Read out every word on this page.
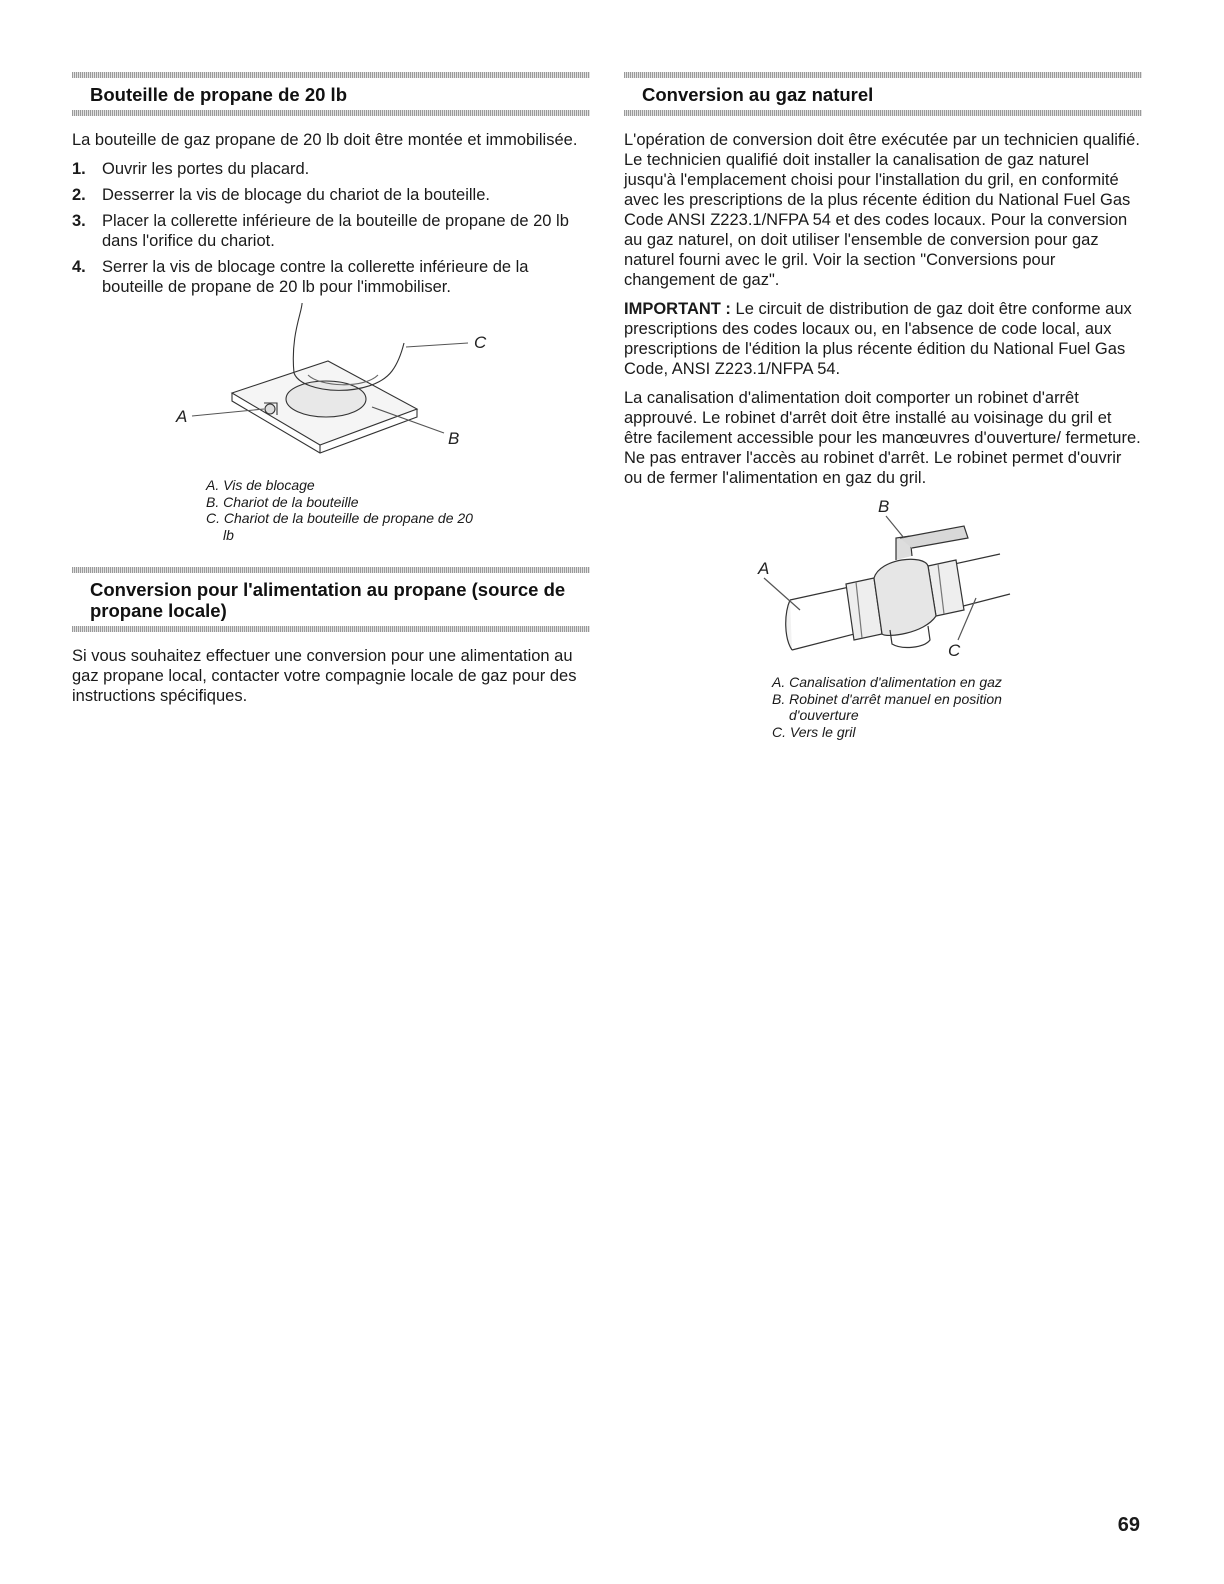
Bouteille de propane de 20 lb

La bouteille de gaz propane de 20 lb doit être montée et immobilisée.

1. Ouvrir les portes du placard.
2. Desserrer la vis de blocage du chariot de la bouteille.
3. Placer la collerette inférieure de la bouteille de propane de 20 lb dans l'orifice du chariot.
4. Serrer la vis de blocage contre la collerette inférieure de la bouteille de propane de 20 lb pour l'immobiliser.
A
B
C
A. Vis de blocage
B. Chariot de la bouteille
C. Chariot de la bouteille de propane de 20 lb
Conversion pour l'alimentation au propane (source de propane locale)

Si vous souhaitez effectuer une conversion pour une alimentation au gaz propane local, contacter votre compagnie locale de gaz pour des instructions spécifiques.

Conversion au gaz naturel

L'opération de conversion doit être exécutée par un technicien qualifié. Le technicien qualifié doit installer la canalisation de gaz naturel jusqu'à l'emplacement choisi pour l'installation du gril, en conformité avec les prescriptions de la plus récente édition du National Fuel Gas Code ANSI Z223.1/NFPA 54 et des codes locaux. Pour la conversion au gaz naturel, on doit utiliser l'ensemble de conversion pour gaz naturel fourni avec le gril. Voir la section "Conversions pour changement de gaz".

IMPORTANT : Le circuit de distribution de gaz doit être conforme aux prescriptions des codes locaux ou, en l'absence de code local, aux prescriptions de l'édition la plus récente édition du National Fuel Gas Code, ANSI Z223.1/NFPA 54.

La canalisation d'alimentation doit comporter un robinet d'arrêt approuvé. Le robinet d'arrêt doit être installé au voisinage du gril et être facilement accessible pour les manœuvres d'ouverture/ fermeture. Ne pas entraver l'accès au robinet d'arrêt. Le robinet permet d'ouvrir ou de fermer l'alimentation en gaz du gril.

A
B
C
A. Canalisation d'alimentation en gaz
B. Robinet d'arrêt manuel en position d'ouverture
C. Vers le gril
69
